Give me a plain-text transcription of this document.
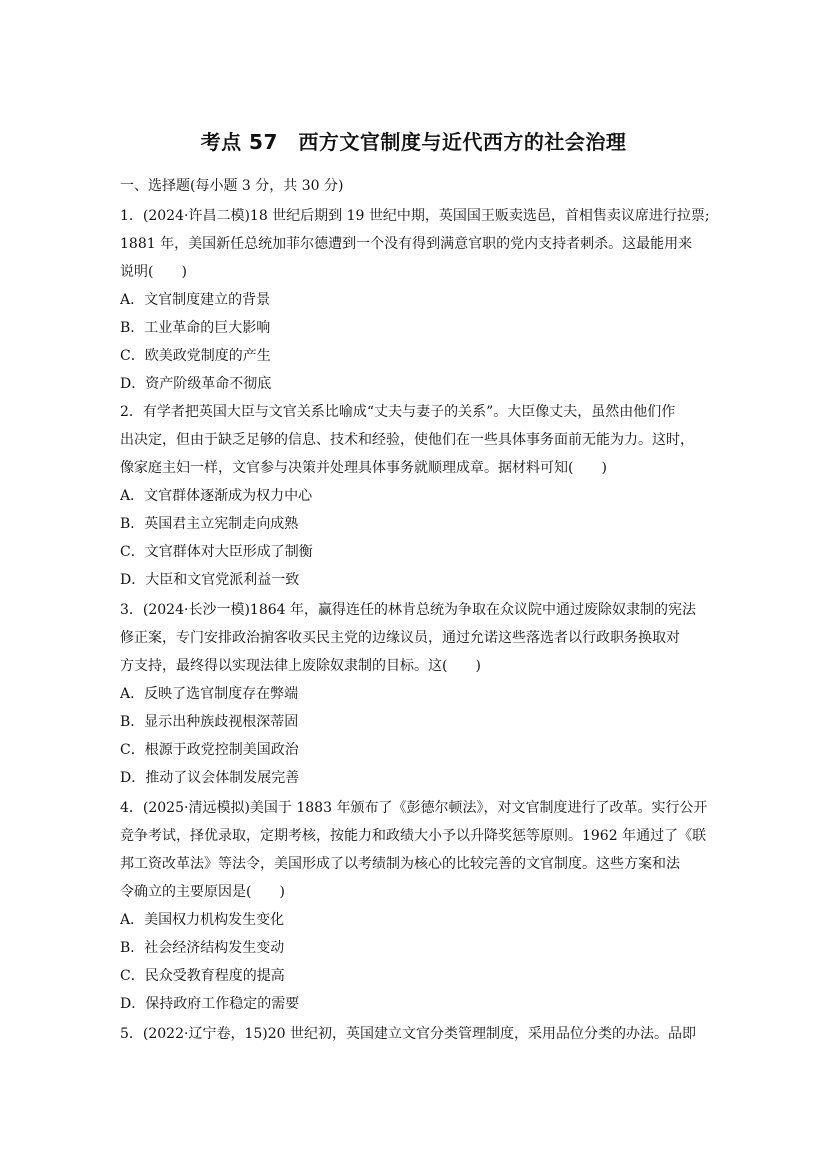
考点 57　西方文官制度与近代西方的社会治理
一、选择题(每小题 3 分，共 30 分)
1．(2024·许昌二模)18 世纪后期到 19 世纪中期，英国国王贩卖选邑，首相售卖议席进行拉票;
1881 年，美国新任总统加菲尔德遭到一个没有得到满意官职的党内支持者刺杀。这最能用来
说明(　　)
A．文官制度建立的背景
B．工业革命的巨大影响
C．欧美政党制度的产生
D．资产阶级革命不彻底
2．有学者把英国大臣与文官关系比喻成“丈夫与妻子的关系”。大臣像丈夫，虽然由他们作
出决定，但由于缺乏足够的信息、技术和经验，使他们在一些具体事务面前无能为力。这时，
像家庭主妇一样，文官参与决策并处理具体事务就顺理成章。据材料可知(　　)
A．文官群体逐渐成为权力中心
B．英国君主立宪制走向成熟
C．文官群体对大臣形成了制衡
D．大臣和文官党派利益一致
3．(2024·长沙一模)1864 年，赢得连任的林肯总统为争取在众议院中通过废除奴隶制的宪法
修正案，专门安排政治掮客收买民主党的边缘议员，通过允诺这些落选者以行政职务换取对
方支持，最终得以实现法律上废除奴隶制的目标。这(　　)
A．反映了选官制度存在弊端
B．显示出种族歧视根深蒂固
C．根源于政党控制美国政治
D．推动了议会体制发展完善
4．(2025·清远模拟)美国于 1883 年颁布了《彭德尔顿法》，对文官制度进行了改革。实行公开
竞争考试，择优录取，定期考核，按能力和政绩大小予以升降奖惩等原则。1962 年通过了《联
邦工资改革法》等法令，美国形成了以考绩制为核心的比较完善的文官制度。这些方案和法
令确立的主要原因是(　　)
A．美国权力机构发生变化
B．社会经济结构发生变动
C．民众受教育程度的提高
D．保持政府工作稳定的需要
5．(2022·辽宁卷，15)20 世纪初，英国建立文官分类管理制度，采用品位分类的办法。品即
